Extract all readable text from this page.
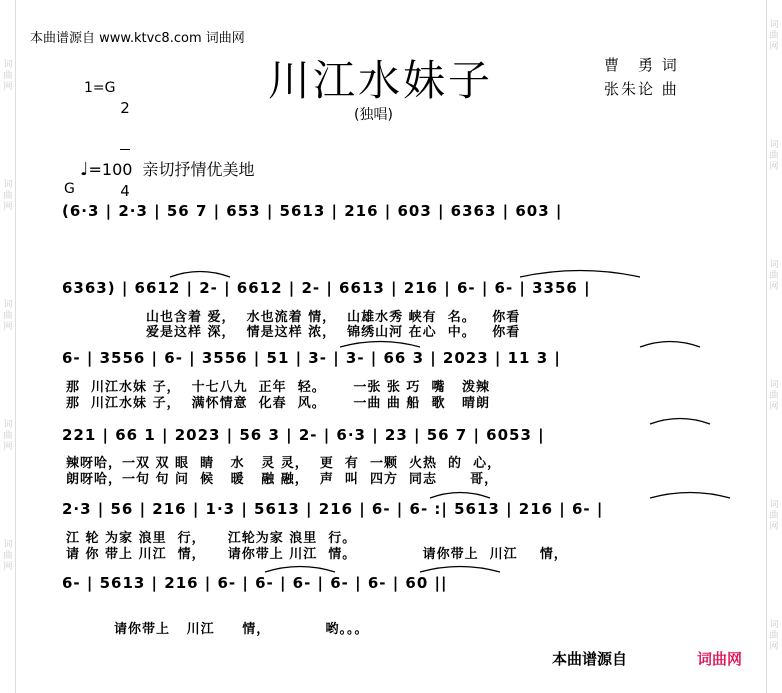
词曲网
词曲网
词曲网
词曲网
词曲网
词曲网
词曲网
词曲网
词曲网
词曲网
词曲网
本曲谱源自 www.ktvc8.com 词曲网
川江水妹子
(独唱)
1=G

2

4

曹　勇 词
张朱论 曲
♩=100 亲切抒情优美地
G
(6·3 | 2·3 | 56 7 | 653 | 5613 | 216 | 603 | 6363 | 603 |
6363) | 6612 | 2- | 6612 | 2- | 6613 | 216 | 6- | 6- | 3356 |
山也含着 爱，  水也流着 情，  山雄水秀 峡有  名。   你看
爱是这样 深，  情是这样 浓，  锦绣山河 在心  中。   你看
6- | 3556 | 6- | 3556 | 51 | 3- | 3- | 66 3 | 2023 | 11 3 |
那  川江水妹 子，  十七八九  正年  轻。     一张 张 巧  嘴   泼辣
那  川江水妹 子，  满怀情意  化春  风。     一曲 曲 船  歌   晴朗
221 | 66 1 | 2023 | 56 3 | 2- | 6·3 | 23 | 56 7 | 6053 |
辣呀哈，一双 双 眼  睛   水   灵 灵，  更  有  一颗  火热  的  心，
朗呀哈，一句 句 问  候   暖   融 融，  声  叫  四方  同志      哥，
2·3 | 56 | 216 | 1·3 | 5613 | 216 | 6- | 6- :| 5613 | 216 | 6- |
江 轮 为家 浪里  行，    江轮为家 浪里  行。
请 你 带上 川江  情，    请你带上 川江  情。            请你带上  川江    情，
6- | 5613 | 216 | 6- | 6- | 6- | 6- | 6- | 60 ||
请你带上   川江     情，          哟。。。
本曲谱源自	词曲网
